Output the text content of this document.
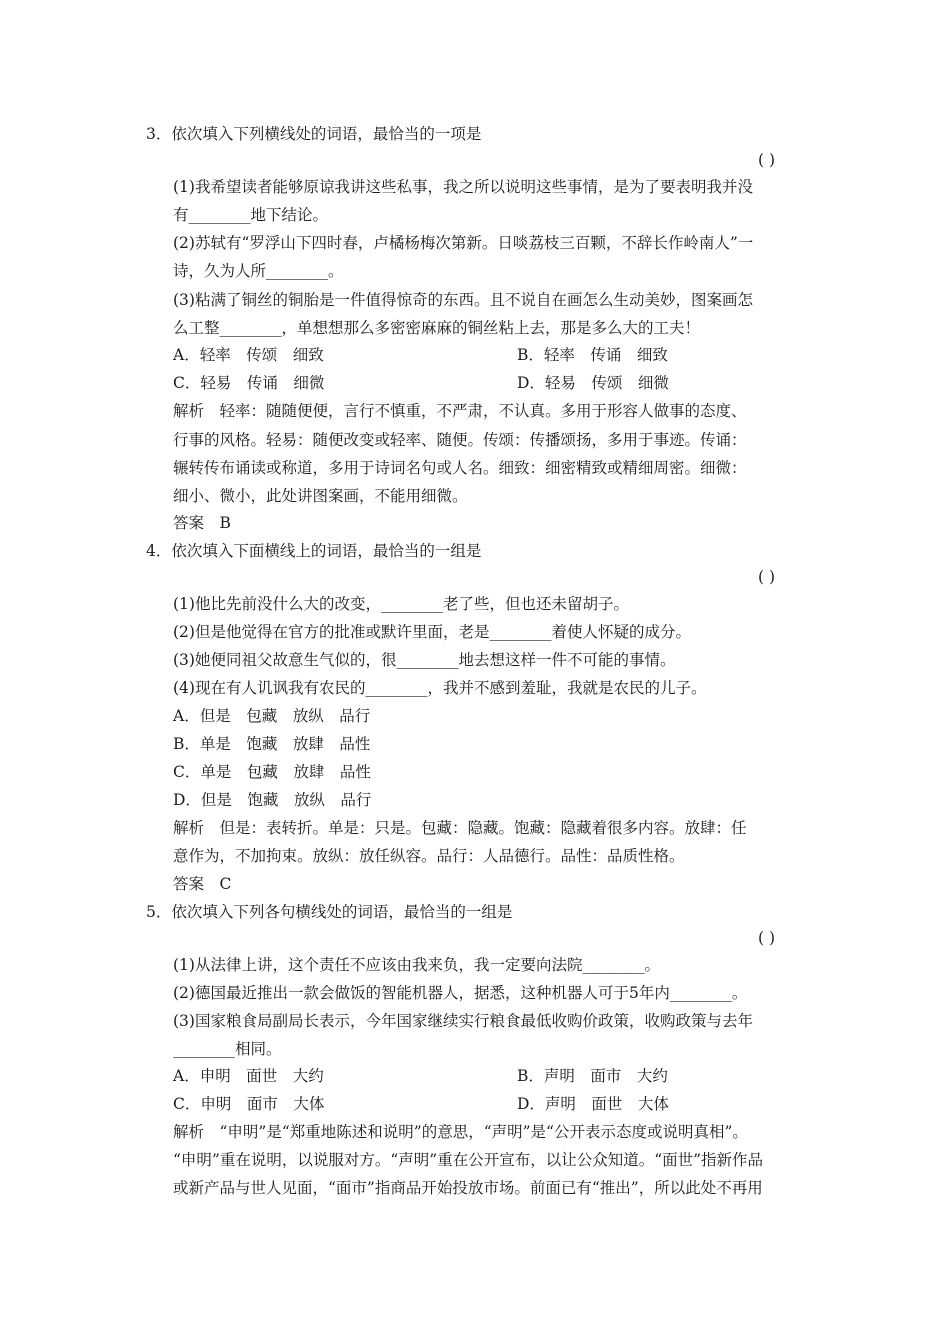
3．依次填入下列横线处的词语，最恰当的一项是
( )
(1)我希望读者能够原谅我讲这些私事，我之所以说明这些事情，是为了要表明我并没
有________地下结论。
(2)苏轼有“罗浮山下四时春，卢橘杨梅次第新。日啖荔枝三百颗，不辞长作岭南人”一
诗，久为人所________。
(3)粘满了铜丝的铜胎是一件值得惊奇的东西。且不说自在画怎么生动美妙，图案画怎
么工整________，单想想那么多密密麻麻的铜丝粘上去，那是多么大的工夫！
A．轻率　传颂　细致	B．轻率　传诵　细致
C．轻易　传诵　细微	D．轻易　传颂　细微
解析　轻率：随随便便，言行不慎重，不严肃，不认真。多用于形容人做事的态度、
行事的风格。轻易：随便改变或轻率、随便。传颂：传播颂扬，多用于事迹。传诵：
辗转传布诵读或称道，多用于诗词名句或人名。细致：细密精致或精细周密。细微：
细小、微小，此处讲图案画，不能用细微。
答案　B
4．依次填入下面横线上的词语，最恰当的一组是
( )
(1)他比先前没什么大的改变，________老了些，但也还未留胡子。
(2)但是他觉得在官方的批准或默许里面，老是________着使人怀疑的成分。
(3)她便同祖父故意生气似的，很________地去想这样一件不可能的事情。
(4)现在有人讥讽我有农民的________，我并不感到羞耻，我就是农民的儿子。
A．但是　包藏　放纵　品行
B．单是　饱藏　放肆　品性
C．单是　包藏　放肆　品性
D．但是　饱藏　放纵　品行
解析　但是：表转折。单是：只是。包藏：隐藏。饱藏：隐藏着很多内容。放肆：任
意作为，不加拘束。放纵：放任纵容。品行：人品德行。品性：品质性格。
答案　C
5．依次填入下列各句横线处的词语，最恰当的一组是
( )
(1)从法律上讲，这个责任不应该由我来负，我一定要向法院________。
(2)德国最近推出一款会做饭的智能机器人，据悉，这种机器人可于5年内________。
(3)国家粮食局副局长表示，今年国家继续实行粮食最低收购价政策，收购政策与去年
________相同。
A．申明　面世　大约	B．声明　面市　大约
C．申明　面市　大体	D．声明　面世　大体
解析　“申明”是“郑重地陈述和说明”的意思，“声明”是“公开表示态度或说明真相”。
“申明”重在说明，以说服对方。“声明”重在公开宣布，以让公众知道。“面世”指新作品
或新产品与世人见面，“面市”指商品开始投放市场。前面已有“推出”，所以此处不再用
